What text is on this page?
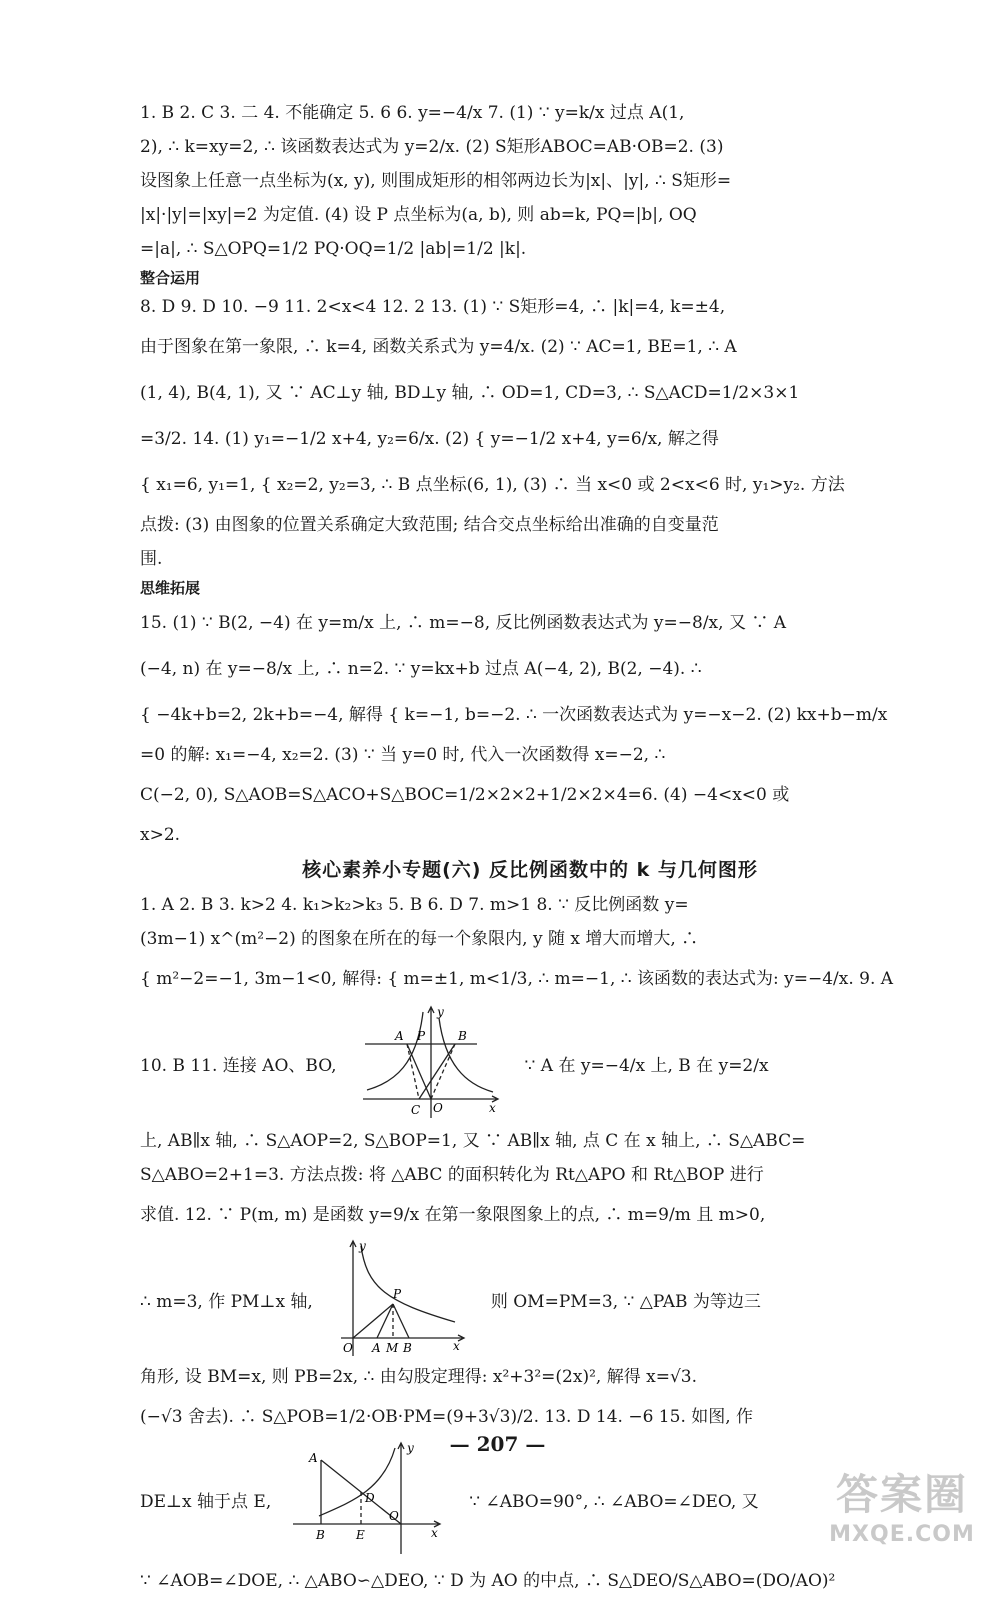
1. B 2. C 3. 二 4. 不能确定 5. 6 6. y=−4/x 7. (1) ∵ y=k/x 过点 A(1,
2), ∴ k=xy=2, ∴ 该函数表达式为 y=2/x. (2) S矩形ABOC=AB·OB=2. (3)
设图象上任意一点坐标为(x, y), 则围成矩形的相邻两边长为|x|、|y|, ∴ S矩形=
|x|·|y|=|xy|=2 为定值. (4) 设 P 点坐标为(a, b), 则 ab=k, PQ=|b|, OQ
=|a|, ∴ S△OPQ=1/2 PQ·OQ=1/2 |ab|=1/2 |k|.
整合运用
8. D 9. D 10. −9 11. 2<x<4 12. 2 13. (1) ∵ S矩形=4, ∴ |k|=4, k=±4,
由于图象在第一象限, ∴ k=4, 函数关系式为 y=4/x. (2) ∵ AC=1, BE=1, ∴ A
(1, 4), B(4, 1), 又 ∵ AC⊥y 轴, BD⊥y 轴, ∴ OD=1, CD=3, ∴ S△ACD=1/2×3×1
=3/2. 14. (1) y₁=−1/2 x+4, y₂=6/x. (2) { y=−1/2 x+4, y=6/x, 解之得
{ x₁=6, y₁=1, { x₂=2, y₂=3, ∴ B 点坐标(6, 1), (3) ∴ 当 x<0 或 2<x<6 时, y₁>y₂. 方法
点拨: (3) 由图象的位置关系确定大致范围; 结合交点坐标给出准确的自变量范
围.
思维拓展
15. (1) ∵ B(2, −4) 在 y=m/x 上, ∴ m=−8, 反比例函数表达式为 y=−8/x, 又 ∵ A
(−4, n) 在 y=−8/x 上, ∴ n=2. ∵ y=kx+b 过点 A(−4, 2), B(2, −4). ∴
{ −4k+b=2, 2k+b=−4, 解得 { k=−1, b=−2. ∴ 一次函数表达式为 y=−x−2. (2) kx+b−m/x
=0 的解: x₁=−4, x₂=2. (3) ∵ 当 y=0 时, 代入一次函数得 x=−2, ∴
C(−2, 0), S△AOB=S△ACO+S△BOC=1/2×2×2+1/2×2×4=6. (4) −4<x<0 或
x>2.
核心素养小专题(六) 反比例函数中的 k 与几何图形
1. A 2. B 3. k>2 4. k₁>k₂>k₃ 5. B 6. D 7. m>1 8. ∵ 反比例函数 y=
(3m−1) x^(m²−2) 的图象在所在的每一个象限内, y 随 x 增大而增大, ∴
{ m²−2=−1, 3m−1<0, 解得: { m=±1, m<1/3, ∴ m=−1, ∴ 该函数的表达式为: y=−4/x. 9. A
10. B 11. 连接 AO、BO,
A P	B
C O	x
y
∵ A 在 y=−4/x 上, B 在 y=2/x
上, AB∥x 轴, ∴ S△AOP=2, S△BOP=1, 又 ∵ AB∥x 轴, 点 C 在 x 轴上, ∴ S△ABC=
S△ABO=2+1=3. 方法点拨: 将 △ABC 的面积转化为 Rt△APO 和 Rt△BOP 进行
求值. 12. ∵ P(m, m) 是函数 y=9/x 在第一象限图象上的点, ∴ m=9/m 且 m>0,
∴ m=3, 作 PM⊥x 轴,	P
O A M B	x
y
则 OM=PM=3, ∵ △PAB 为等边三
角形, 设 BM=x, 则 PB=2x, ∴ 由勾股定理得: x²+3²=(2x)², 解得 x=√3.
(−√3 舍去). ∴ S△POB=1/2·OB·PM=(9+3√3)/2. 13. D 14. −6 15. 如图, 作
DE⊥x 轴于点 E,
A
D
B	E
O
x
y
∵ ∠ABO=90°, ∴ ∠ABO=∠DEO, 又
∵ ∠AOB=∠DOE, ∴ △ABO∽△DEO, ∵ D 为 AO 的中点, ∴ S△DEO/S△ABO=(DO/AO)²
— 207 —
答案圈
MXQE.COM
